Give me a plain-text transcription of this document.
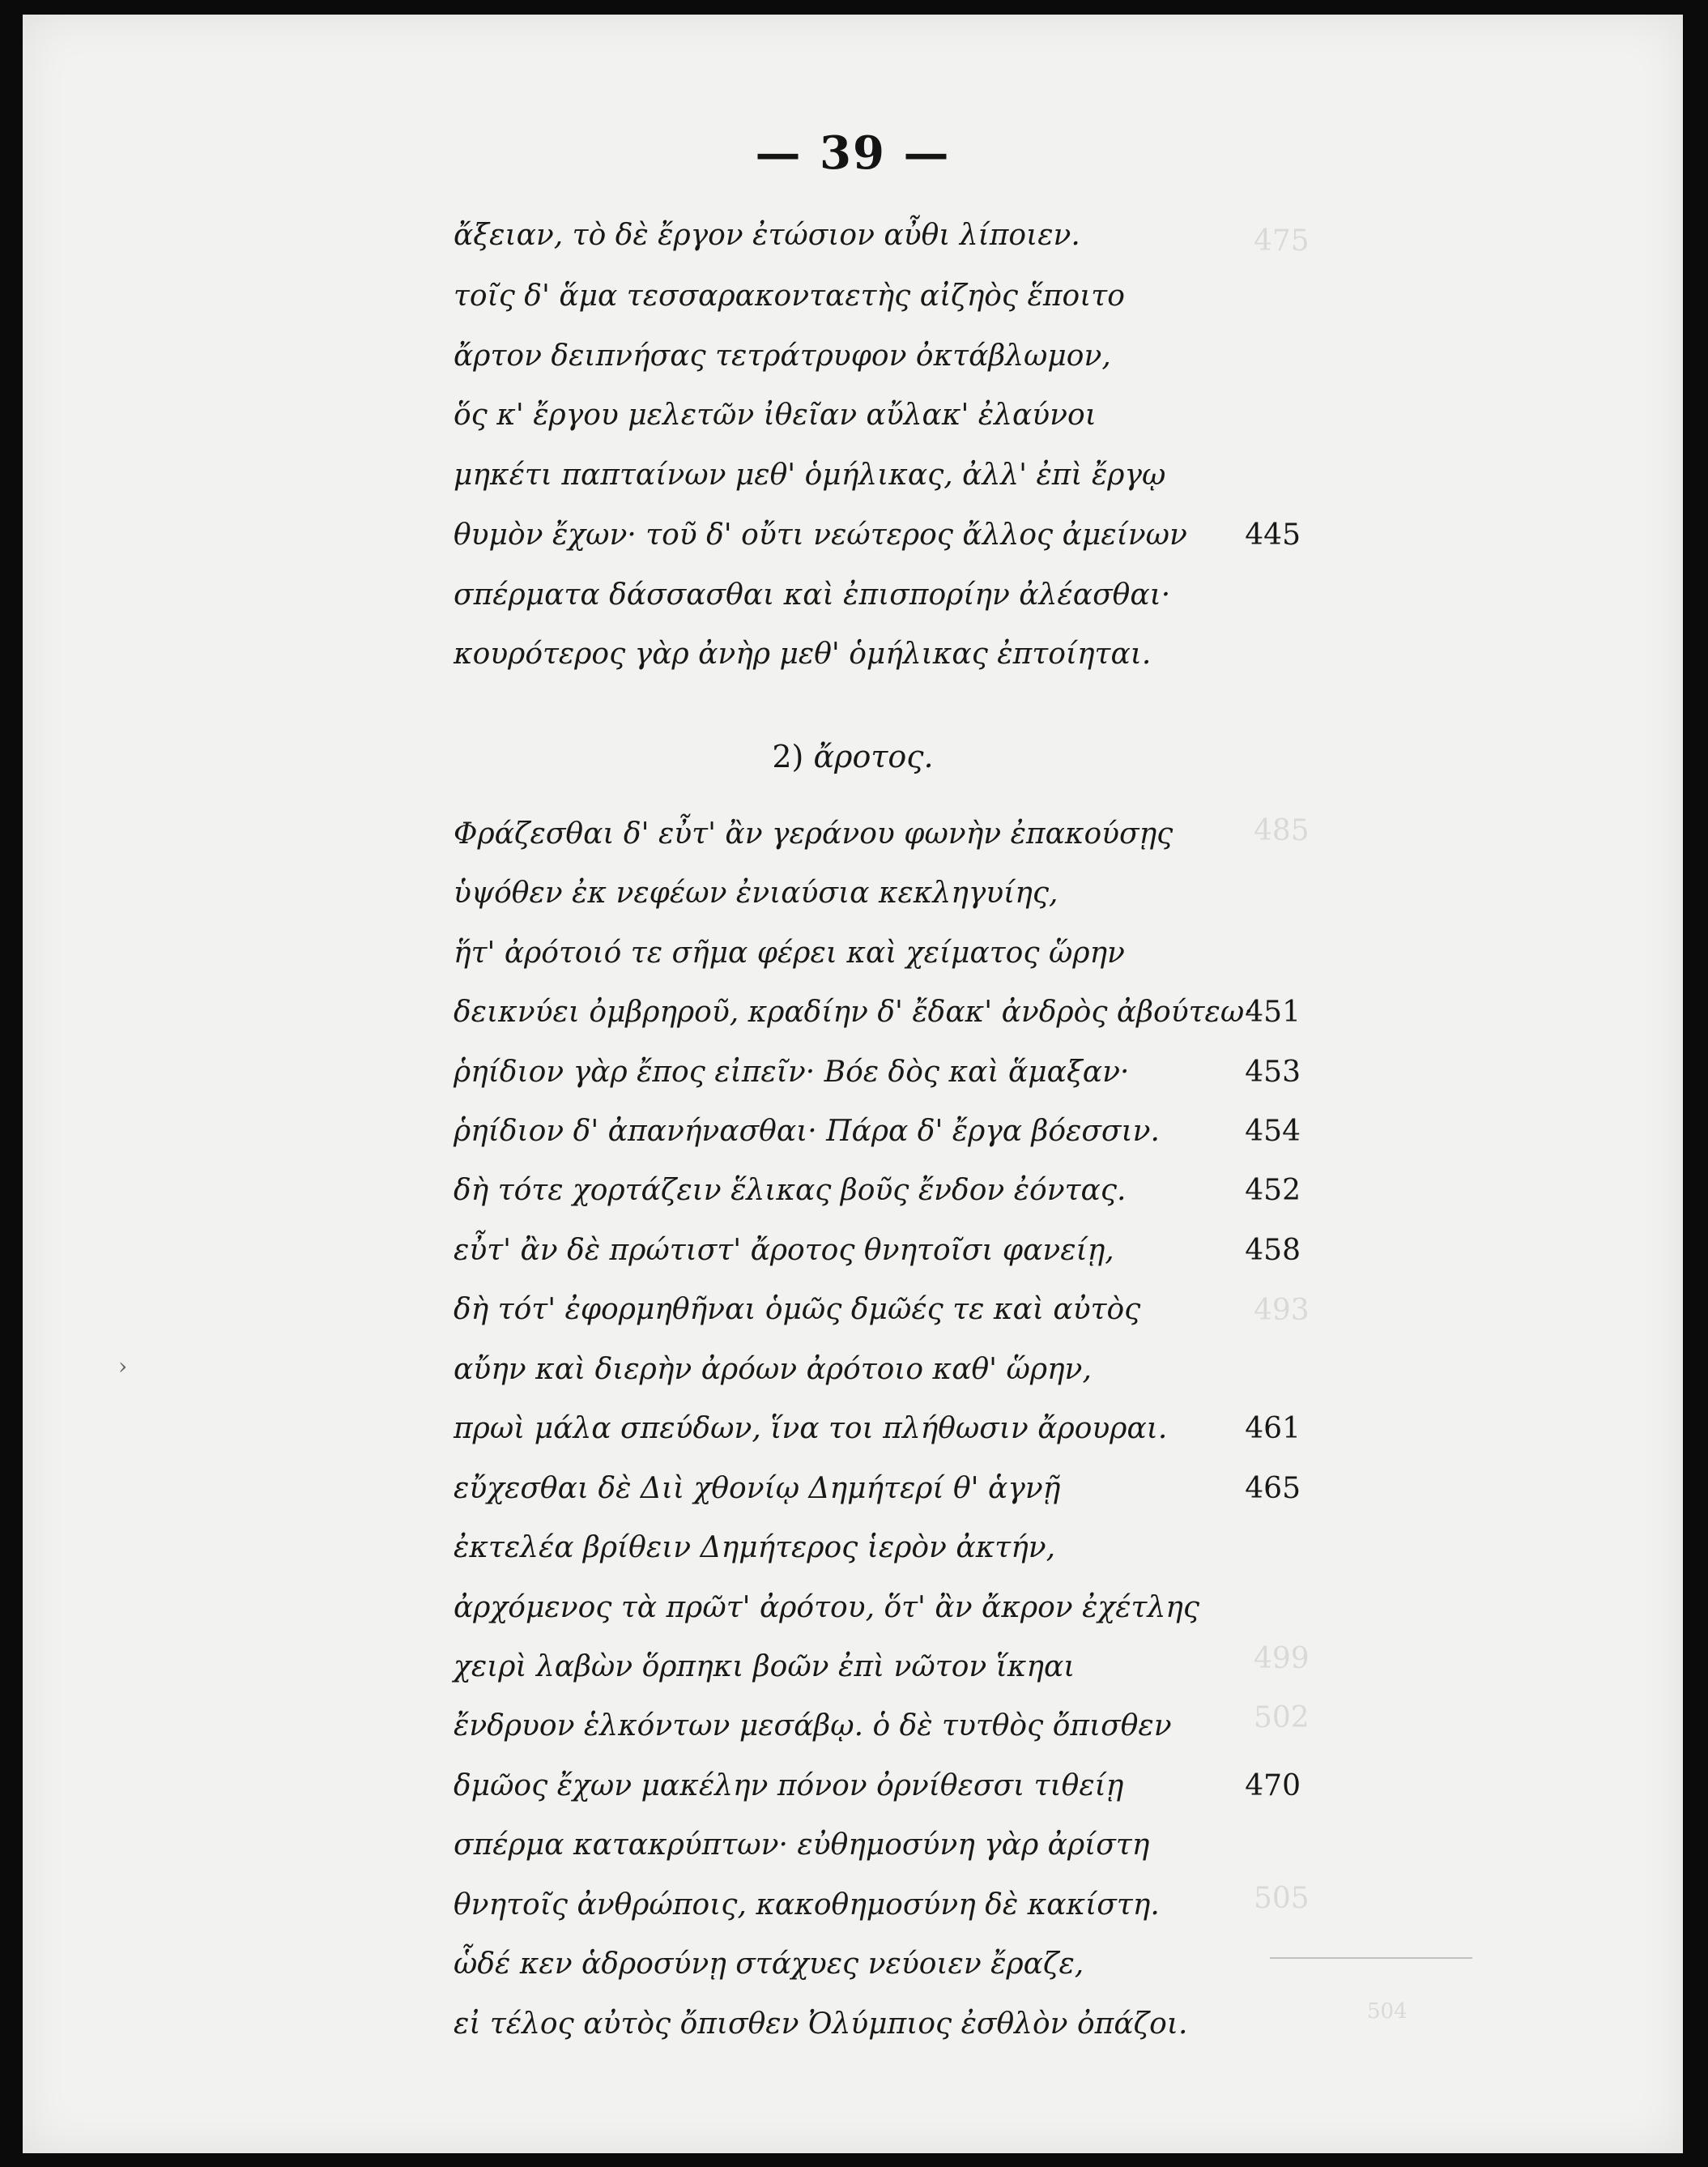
— 39 —
475
485
493
499
502
505
504
›
ἄξειαν, τὸ δὲ ἔργον ἐτώσιον αὖθι λίποιεν.
τοῖς δ' ἅμα τεσσαρακονταετὴς αἰζηὸς ἕποιτο
ἄρτον δειπνήσας τετράτρυφον ὀκτάβλωμον,
ὅς κ' ἔργου μελετῶν ἰθεῖαν αὔλακ' ἐλαύνοι
μηκέτι παπταίνων μεθ' ὁμήλικας, ἀλλ' ἐπὶ ἔργῳ
θυμὸν ἔχων· τοῦ δ' οὔτι νεώτερος ἄλλος ἀμείνων 445
σπέρματα δάσσασθαι καὶ ἐπισπορίην ἀλέασθαι·
κουρότερος γὰρ ἀνὴρ μεθ' ὁμήλικας ἐπτοίηται.
2) ἄροτος.
Φράζεσθαι δ' εὖτ' ἂν γεράνου φωνὴν ἐπακούσῃς
ὑψόθεν ἐκ νεφέων ἐνιαύσια κεκληγυίης,
ἥτ' ἀρότοιό τε σῆμα φέρει καὶ χείματος ὥρην
δεικνύει ὀμβρηροῦ, κραδίην δ' ἔδακ' ἀνδρὸς ἀβούτεω·
451
ῥηίδιον γὰρ ἔπος εἰπεῖν· Βόε δὸς καὶ ἅμαξαν·	453
ῥηίδιον δ' ἀπανήνασθαι· Πάρα δ' ἔργα βόεσσιν.	454
δὴ τότε χορτάζειν ἕλικας βοῦς ἔνδον ἐόντας.	452
εὖτ' ἂν δὲ πρώτιστ' ἄροτος θνητοῖσι φανείῃ,	458
δὴ τότ' ἐφορμηθῆναι ὁμῶς δμῶές τε καὶ αὐτὸς
αὔην καὶ διερὴν ἀρόων ἀρότοιο καθ' ὥρην,
πρωὶ μάλα σπεύδων, ἵνα τοι πλήθωσιν ἄρουραι.	461
εὔχεσθαι δὲ Διὶ χθονίῳ Δημήτερί θ' ἁγνῇ	465
ἐκτελέα βρίθειν Δημήτερος ἱερὸν ἀκτήν,
ἀρχόμενος τὰ πρῶτ' ἀρότου, ὅτ' ἂν ἄκρον ἐχέτλης
χειρὶ λαβὼν ὅρπηκι βοῶν ἐπὶ νῶτον ἵκηαι
ἔνδρυον ἑλκόντων μεσάβῳ. ὁ δὲ τυτθὸς ὄπισθεν
δμῶος ἔχων μακέλην πόνον ὀρνίθεσσι τιθείῃ	470
σπέρμα κατακρύπτων· εὐθημοσύνη γὰρ ἀρίστη
θνητοῖς ἀνθρώποις, κακοθημοσύνη δὲ κακίστη.
ὧδέ κεν ἁδροσύνῃ στάχυες νεύοιεν ἔραζε,
εἰ τέλος αὐτὸς ὄπισθεν Ὀλύμπιος ἐσθλὸν ὀπάζοι.
